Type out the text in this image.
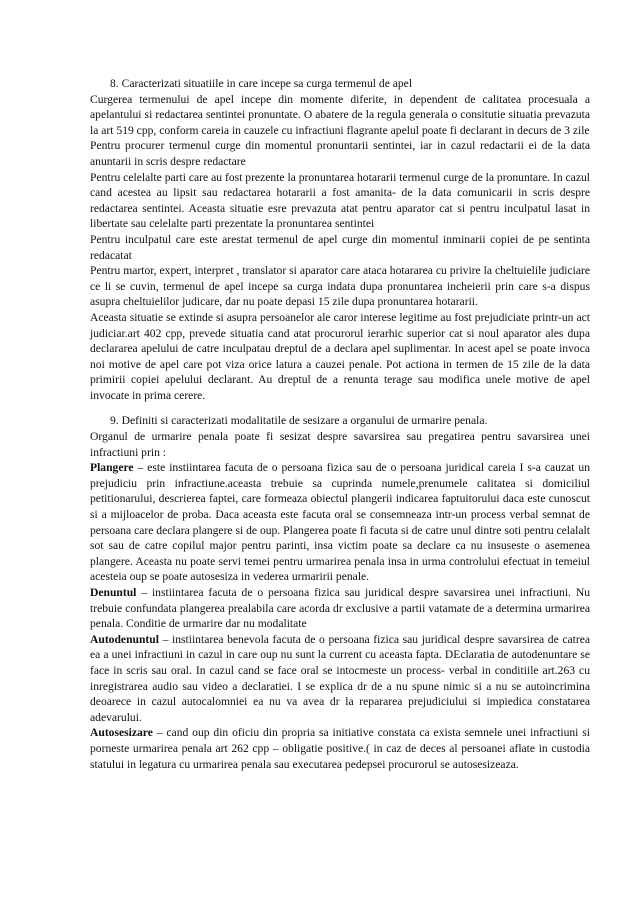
8. Caracterizati situatiile in care incepe sa curga termenul de apel

Curgerea termenului de apel incepe din momente diferite, in dependent de calitatea procesuala a apelantului si redactarea sentintei pronuntate. O abatere de la regula generala o consitutie situatia prevazuta la art 519 cpp, conform careia in cauzele cu infractiuni flagrante apelul poate fi declarant in decurs de 3 zile

Pentru procurer termenul curge din momentul pronuntarii sentintei, iar in cazul redactarii ei de la data anuntarii in scris despre redactare

Pentru celelalte parti care au fost prezente la pronuntarea hotararii termenul curge de la pronuntare. In cazul cand acestea au lipsit sau redactarea hotararii a fost amanita- de la data comunicarii in scris despre redactarea sentintei. Aceasta situatie esre prevazuta atat pentru aparator cat si pentru inculpatul lasat in libertate sau celelalte parti prezentate la pronuntarea sentintei

Pentru inculpatul care este arestat termenul de apel curge din momentul inminarii copiei de pe sentinta redacatat

Pentru martor, expert, interpret , translator si aparator care ataca hotararea cu privire la cheltuielile judiciare ce li se cuvin, termenul de apel incepe sa curga indata dupa pronuntarea incheierii prin care s-a dispus asupra cheltuielilor judicare, dar nu poate depasi 15 zile dupa pronuntarea hotararii.

Aceasta situatie se extinde si asupra persoanelor ale caror interese legitime au fost prejudiciate printr-un act judiciar.art 402 cpp, prevede situatia cand atat procurorul ierarhic superior cat si noul aparator ales dupa declararea apelului de catre inculpatau dreptul de a declara apel suplimentar. In acest apel se poate invoca noi motive de apel care pot viza orice latura a cauzei penale. Pot actiona in termen de 15 zile de la data primirii copiei apelului declarant. Au dreptul de a renunta terage sau modifica unele motive de apel invocate in prima cerere.

9. Definiti si caracterizati modalitatile de sesizare a organului de urmarire penala.

Organul de urmarire penala poate fi sesizat despre savarsirea sau pregatirea pentru savarsirea unei infractiuni prin :

Plangere – este instiintarea facuta de o persoana fizica sau de o persoana juridical careia I s-a cauzat un prejudiciu prin infractiune.aceasta trebuie sa cuprinda numele,prenumele calitatea si domiciliul petitionarului, descrierea faptei, care formeaza obiectul plangerii indicarea faptuitorului daca este cunoscut si a mijloacelor de proba. Daca aceasta este facuta oral se consemneaza intr-un process verbal semnat de persoana care declara plangere si de oup. Plangerea poate fi facuta si de catre unul dintre soti pentru celalalt sot sau de catre copilul major pentru parinti, insa victim poate sa declare ca nu insuseste o asemenea plangere. Aceasta nu poate servi temei pentru urmarirea penala insa in urma controlului efectuat in temeiul acesteia oup se poate autosesiza in vederea urmaririi penale.

Denuntul – instiintarea facuta de o persoana fizica sau juridical despre savarsirea unei infractiuni. Nu trebuie confundata plangerea prealabila care acorda dr exclusive a partii vatamate de a determina urmarirea penala. Conditie de urmarire dar nu modalitate

Autodenuntul – instiintarea benevola facuta de o persoana fizica sau juridical despre savarsirea de catrea ea a unei infractiuni in cazul in care oup nu sunt la current cu aceasta fapta. DEclaratia de autodenuntare se face in scris sau oral. In cazul cand se face oral se intocmeste un process- verbal in conditiile art.263 cu inregistrarea audio sau video a declaratiei. I se explica dr de a nu spune nimic si a nu se autoincrimina deoarece in cazul autocalomniei ea nu va avea dr la repararea prejudiciului si impiedica constatarea adevarului.

Autosesizare – cand oup din oficiu din propria sa initiative constata ca exista semnele unei infractiuni si porneste urmarirea penala art 262 cpp – obligatie positive.( in caz de deces al persoanei aflate in custodia statului in legatura cu urmarirea penala sau executarea pedepsei procurorul se autosesizeaza.
